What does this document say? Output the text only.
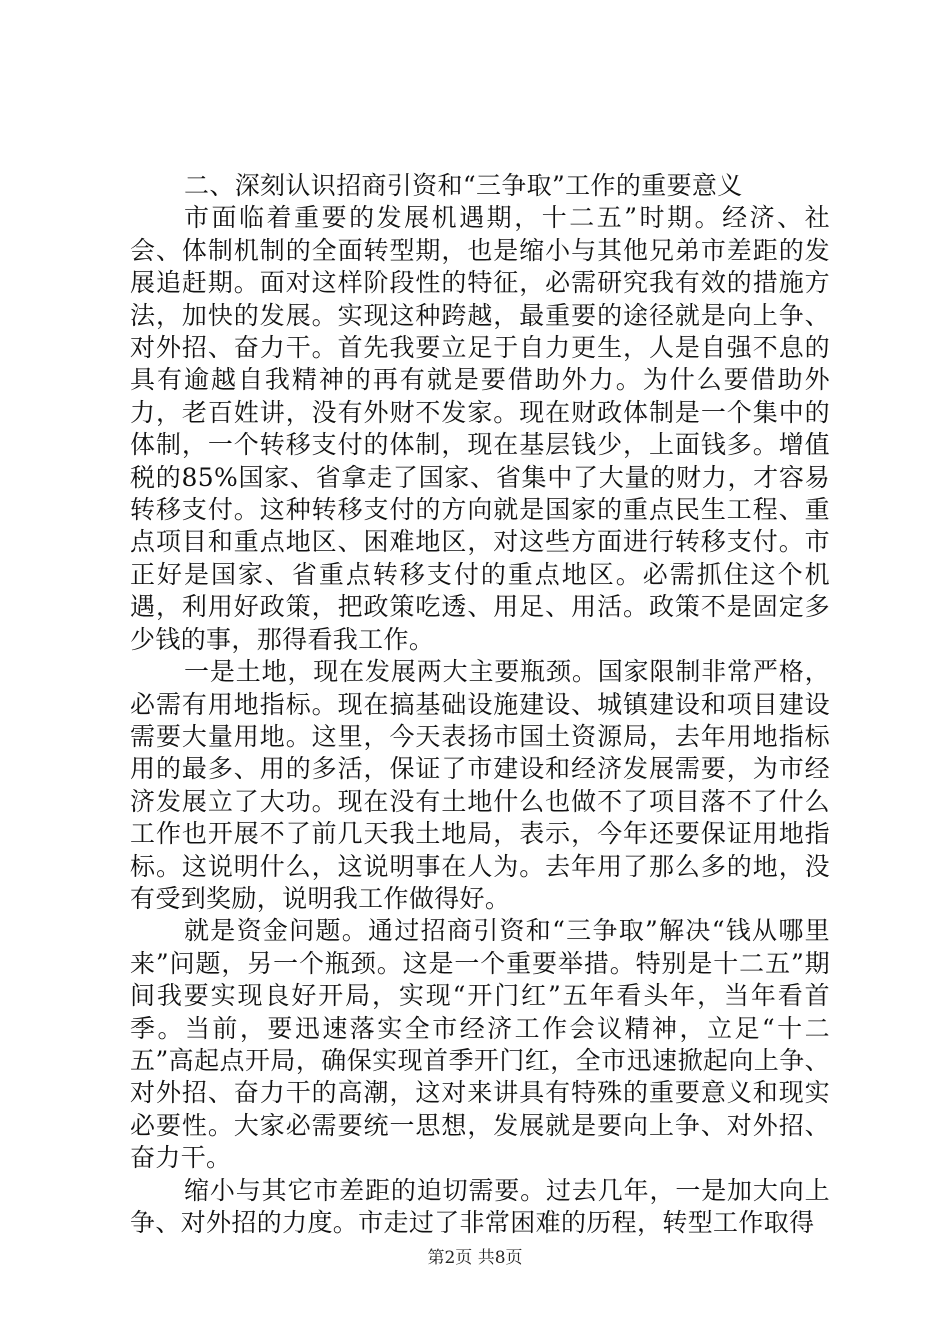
二、深刻认识招商引资和“三争取”工作的重要意义

市面临着重要的发展机遇期，十二五”时期。经济、社会、体制机制的全面转型期，也是缩小与其他兄弟市差距的发展追赶期。面对这样阶段性的特征，必需研究我有效的措施方法，加快的发展。实现这种跨越，最重要的途径就是向上争、对外招、奋力干。首先我要立足于自力更生，人是自强不息的具有逾越自我精神的再有就是要借助外力。为什么要借助外力，老百姓讲，没有外财不发家。现在财政体制是一个集中的体制，一个转移支付的体制，现在基层钱少，上面钱多。增值税的85%国家、省拿走了国家、省集中了大量的财力，才容易转移支付。这种转移支付的方向就是国家的重点民生工程、重点项目和重点地区、困难地区，对这些方面进行转移支付。市正好是国家、省重点转移支付的重点地区。必需抓住这个机遇，利用好政策，把政策吃透、用足、用活。政策不是固定多少钱的事，那得看我工作。

一是土地，现在发展两大主要瓶颈。国家限制非常严格，必需有用地指标。现在搞基础设施建设、城镇建设和项目建设需要大量用地。这里，今天表扬市国土资源局，去年用地指标用的最多、用的多活，保证了市建设和经济发展需要，为市经济发展立了大功。现在没有土地什么也做不了项目落不了什么工作也开展不了前几天我土地局，表示，今年还要保证用地指标。这说明什么，这说明事在人为。去年用了那么多的地，没有受到奖励，说明我工作做得好。

就是资金问题。通过招商引资和“三争取”解决“钱从哪里来”问题，另一个瓶颈。这是一个重要举措。特别是十二五”期间我要实现良好开局，实现“开门红”五年看头年，当年看首季。当前，要迅速落实全市经济工作会议精神，立足“十二五”高起点开局，确保实现首季开门红，全市迅速掀起向上争、对外招、奋力干的高潮，这对来讲具有特殊的重要意义和现实必要性。大家必需要统一思想，发展就是要向上争、对外招、奋力干。

缩小与其它市差距的迫切需要。过去几年，一是加大向上争、对外招的力度。市走过了非常困难的历程，转型工作取得

第2页 共8页
